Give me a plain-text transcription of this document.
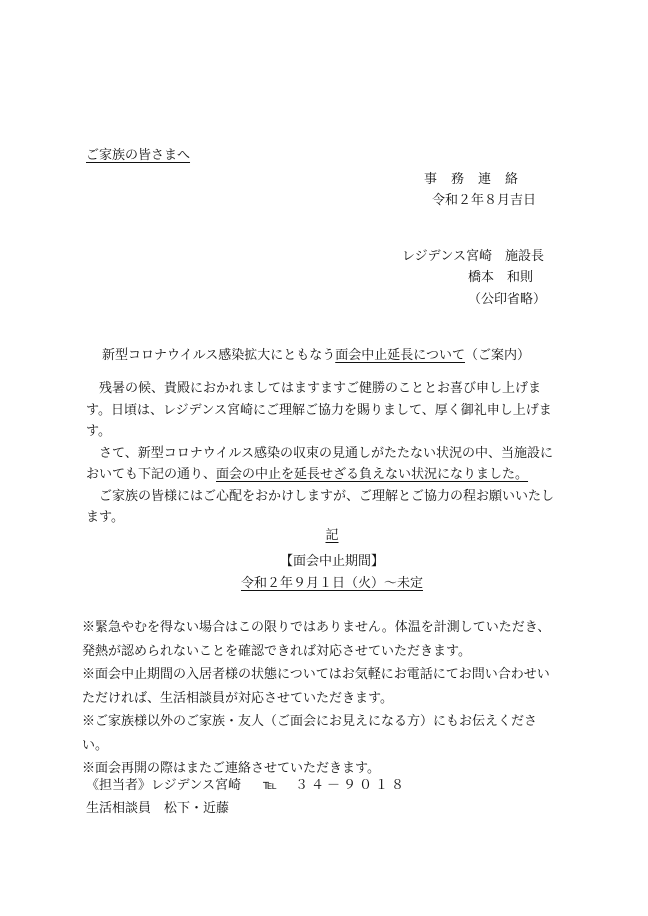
ご家族の皆さまへ
事務連絡
令和２年８月吉日
レジデンス宮崎　施設長
橋本　和則
（公印省略）
新型コロナウイルス感染拡大にともなう面会中止延長について（ご案内）

残暑の候、貴殿におかれましてはますますご健勝のこととお喜び申し上げます。日頃は、レジデンス宮崎にご理解ご協力を賜りまして、厚く御礼申し上げます。

さて、新型コロナウイルス感染の収束の見通しがたたない状況の中、当施設においても下記の通り、面会の中止を延長せざる負えない状況になりました。

ご家族の皆様にはご心配をおかけしますが、ご理解とご協力の程お願いいたします。

記
【面会中止期間】
令和２年９月１日（火）～未定

※緊急やむを得ない場合はこの限りではありません。体温を計測していただき、発熱が認められないことを確認できれば対応させていただきます。

※面会中止期間の入居者様の状態についてはお気軽にお電話にてお問い合わせいただければ、生活相談員が対応させていただきます。

※ご家族様以外のご家族・友人（ご面会にお見えになる方）にもお伝えください。

※面会再開の際はまたご連絡させていただきます。

《担当者》レジデンス宮崎 ℡ ３４－９０１８
生活相談員　松下・近藤
